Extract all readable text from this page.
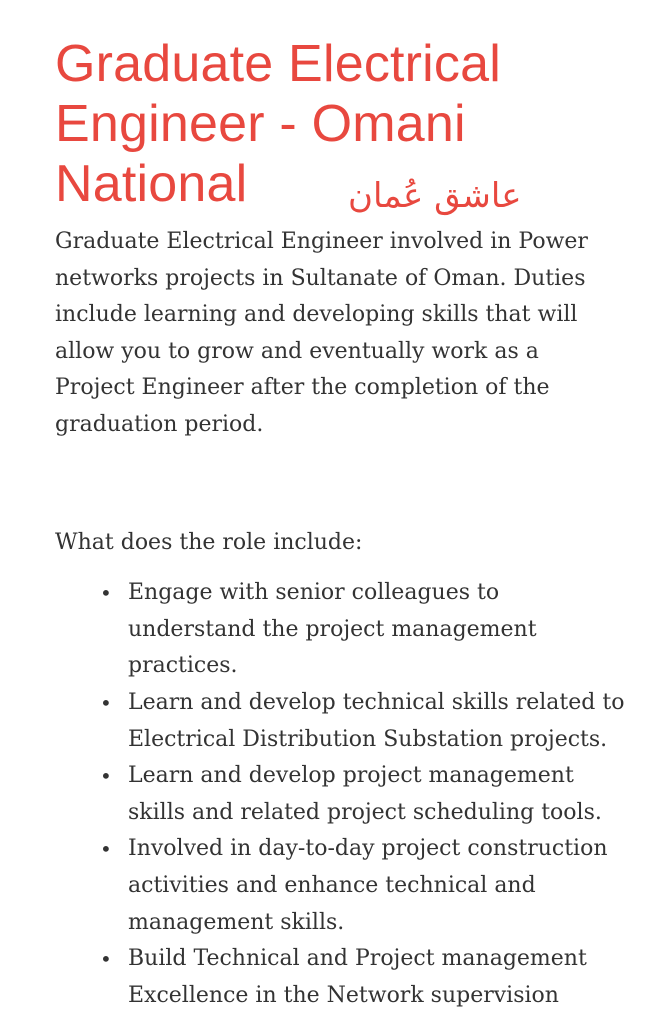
Graduate Electrical Engineer - Omani National	عاشق عُمان

Graduate Electrical Engineer involved in Power networks projects in Sultanate of Oman. Duties include learning and developing skills that will allow you to grow and eventually work as a Project Engineer after the completion of the graduation period.

What does the role include:

• Engage with senior colleagues to understand the project management practices.
• Learn and develop technical skills related to Electrical Distribution Substation projects.
• Learn and develop project management skills and related project scheduling tools.
• Involved in day-to-day project construction activities and enhance technical and management skills.
• Build Technical and Project management Excellence in the Network supervision
